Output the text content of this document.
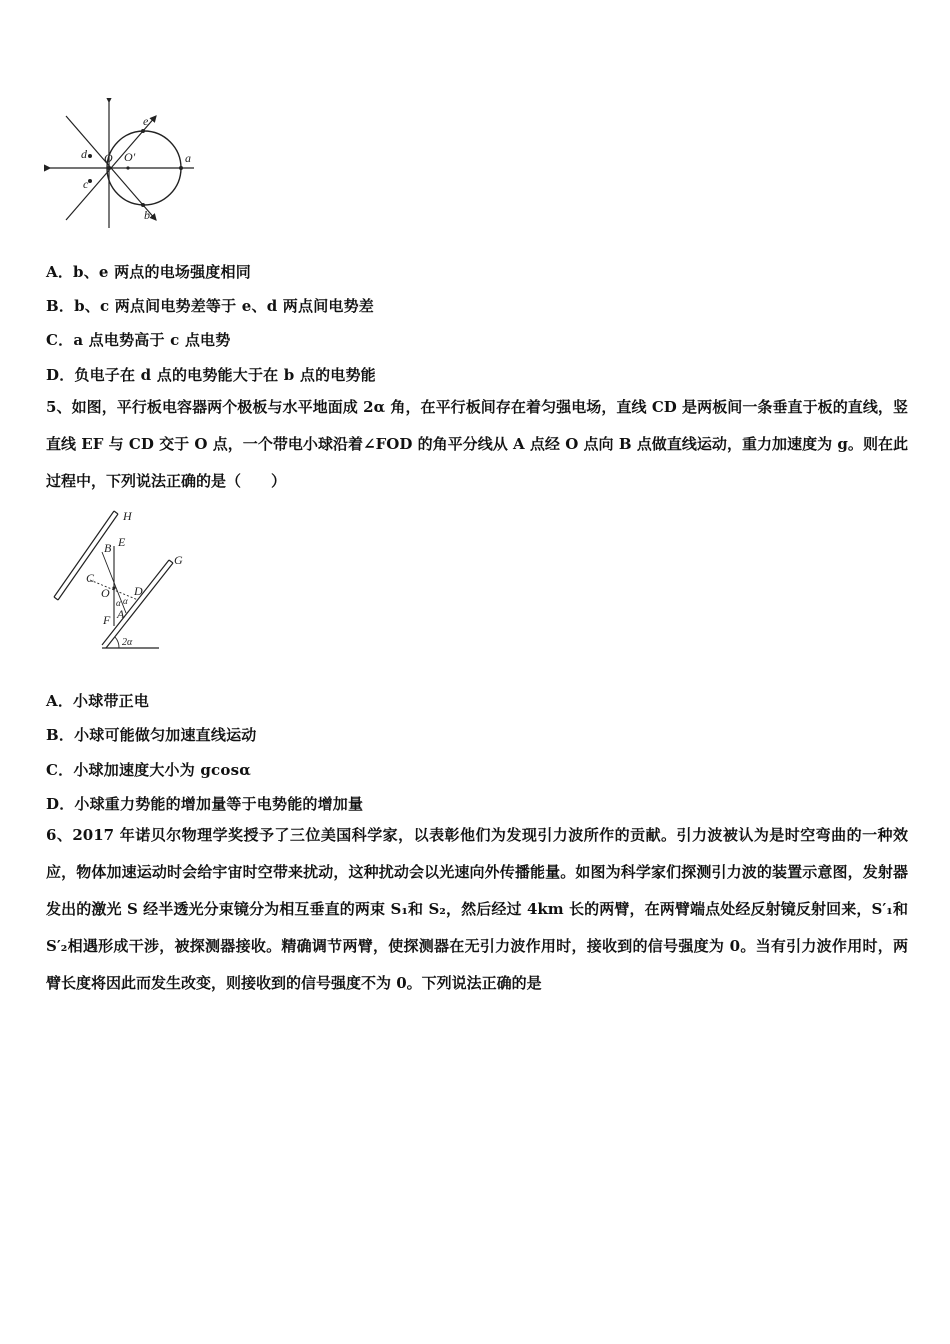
d O O′	a
e
c
b
A．b、e 两点的电场强度相同
B．b、c 两点间电势差等于 e、d 两点间电势差
C．a 点电势高于 c 点电势
D．负电子在 d 点的电势能大于在 b 点的电势能
5、如图，平行板电容器两个极板与水平地面成 2α 角，在平行板间存在着匀强电场，直线 CD 是两板间一条垂直于板的直线，竖直线 EF 与 CD 交于 O 点，一个带电小球沿着∠FOD 的角平分线从 A 点经 O 点向 B 点做直线运动，重力加速度为 g。则在此过程中，下列说法正确的是（　　）
H
G
E
B
C
O D
α α
A
F
2α
A．小球带正电
B．小球可能做匀加速直线运动
C．小球加速度大小为 gcosα
D．小球重力势能的增加量等于电势能的增加量
6、2017 年诺贝尔物理学奖授予了三位美国科学家，以表彰他们为发现引力波所作的贡献。引力波被认为是时空弯曲的一种效应，物体加速运动时会给宇宙时空带来扰动，这种扰动会以光速向外传播能量。如图为科学家们探测引力波的装置示意图，发射器发出的激光 S 经半透光分束镜分为相互垂直的两束 S₁和 S₂，然后经过 4km 长的两臂，在两臂端点处经反射镜反射回来，S′₁和 S′₂相遇形成干涉，被探测器接收。精确调节两臂，使探测器在无引力波作用时，接收到的信号强度为 0。当有引力波作用时，两臂长度将因此而发生改变，则接收到的信号强度不为 0。下列说法正确的是
